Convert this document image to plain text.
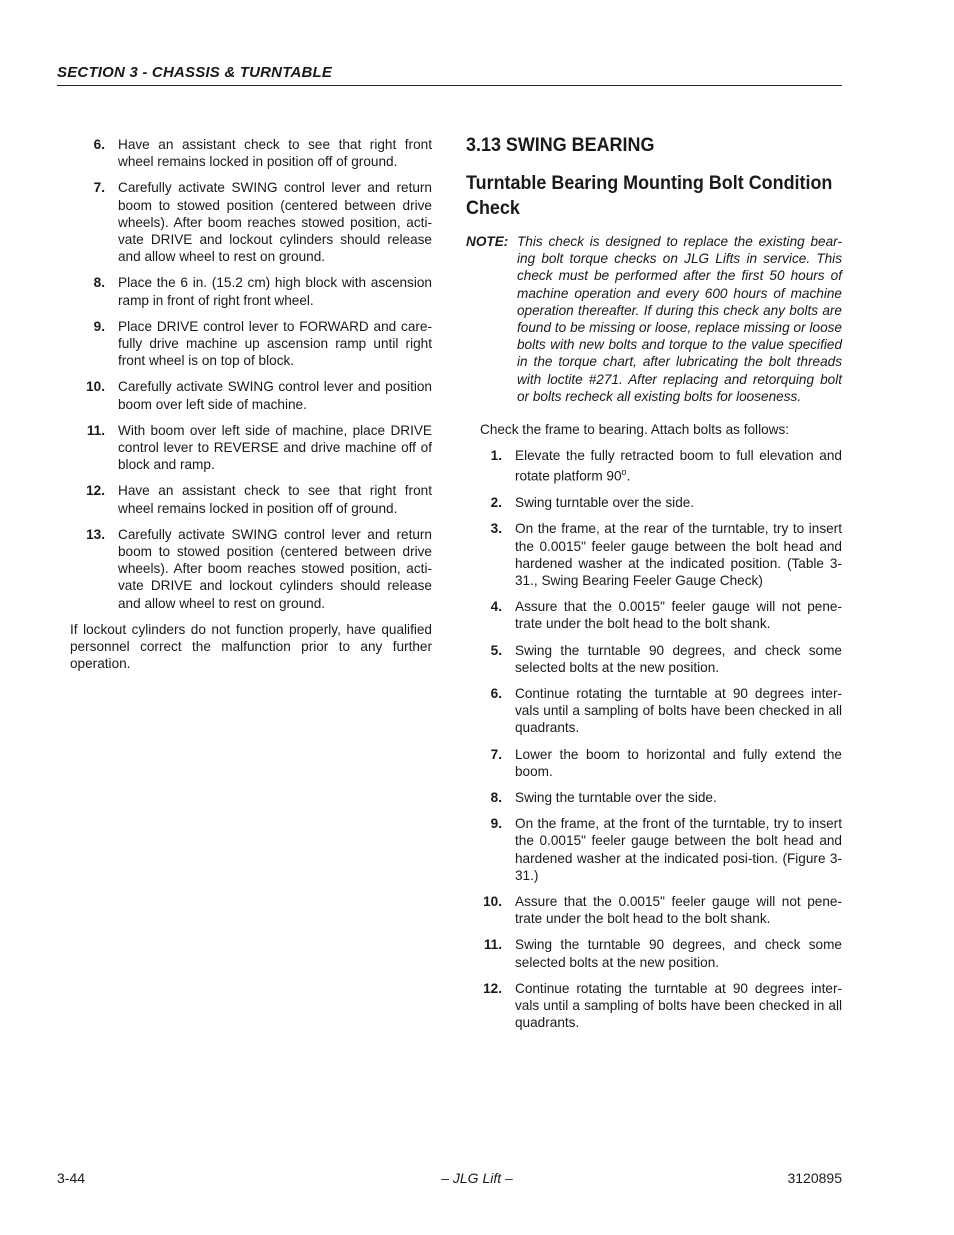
SECTION 3 - CHASSIS & TURNTABLE
6. Have an assistant check to see that right front wheel remains locked in position off of ground.
7. Carefully activate SWING control lever and return boom to stowed position (centered between drive wheels). After boom reaches stowed position, acti-vate DRIVE and lockout cylinders should release and allow wheel to rest on ground.
8. Place the 6 in. (15.2 cm) high block with ascension ramp in front of right front wheel.
9. Place DRIVE control lever to FORWARD and care-fully drive machine up ascension ramp until right front wheel is on top of block.
10. Carefully activate SWING control lever and position boom over left side of machine.
11. With boom over left side of machine, place DRIVE control lever to REVERSE and drive machine off of block and ramp.
12. Have an assistant check to see that right front wheel remains locked in position off of ground.
13. Carefully activate SWING control lever and return boom to stowed position (centered between drive wheels). After boom reaches stowed position, acti-vate DRIVE and lockout cylinders should release and allow wheel to rest on ground.

If lockout cylinders do not function properly, have qualified personnel correct the malfunction prior to any further operation.

3.13 SWING BEARING
Turntable Bearing Mounting Bolt Condition Check
NOTE: This check is designed to replace the existing bear-ing bolt torque checks on JLG Lifts in service. This check must be performed after the first 50 hours of machine operation and every 600 hours of machine operation thereafter. If during this check any bolts are found to be missing or loose, replace missing or loose bolts with new bolts and torque to the value specified in the torque chart, after lubricating the bolt threads with loctite #271. After replacing and retorquing bolt or bolts recheck all existing bolts for looseness.

Check the frame to bearing. Attach bolts as follows:

1. Elevate the fully retracted boom to full elevation and rotate platform 90$^o$.
2. Swing turntable over the side.
3. On the frame, at the rear of the turntable, try to insert the 0.0015" feeler gauge between the bolt head and hardened washer at the indicated position. (Table 3-31., Swing Bearing Feeler Gauge Check)
4. Assure that the 0.0015" feeler gauge will not pene-trate under the bolt head to the bolt shank.
5. Swing the turntable 90 degrees, and check some selected bolts at the new position.
6. Continue rotating the turntable at 90 degrees inter-vals until a sampling of bolts have been checked in all quadrants.
7. Lower the boom to horizontal and fully extend the boom.
8. Swing the turntable over the side.
9. On the frame, at the front of the turntable, try to insert the 0.0015" feeler gauge between the bolt head and hardened washer at the indicated posi-tion. (Figure 3-31.)
10. Assure that the 0.0015" feeler gauge will not pene-trate under the bolt head to the bolt shank.
11. Swing the turntable 90 degrees, and check some selected bolts at the new position.
12. Continue rotating the turntable at 90 degrees inter-vals until a sampling of bolts have been checked in all quadrants.
3-44	– JLG Lift –	3120895
